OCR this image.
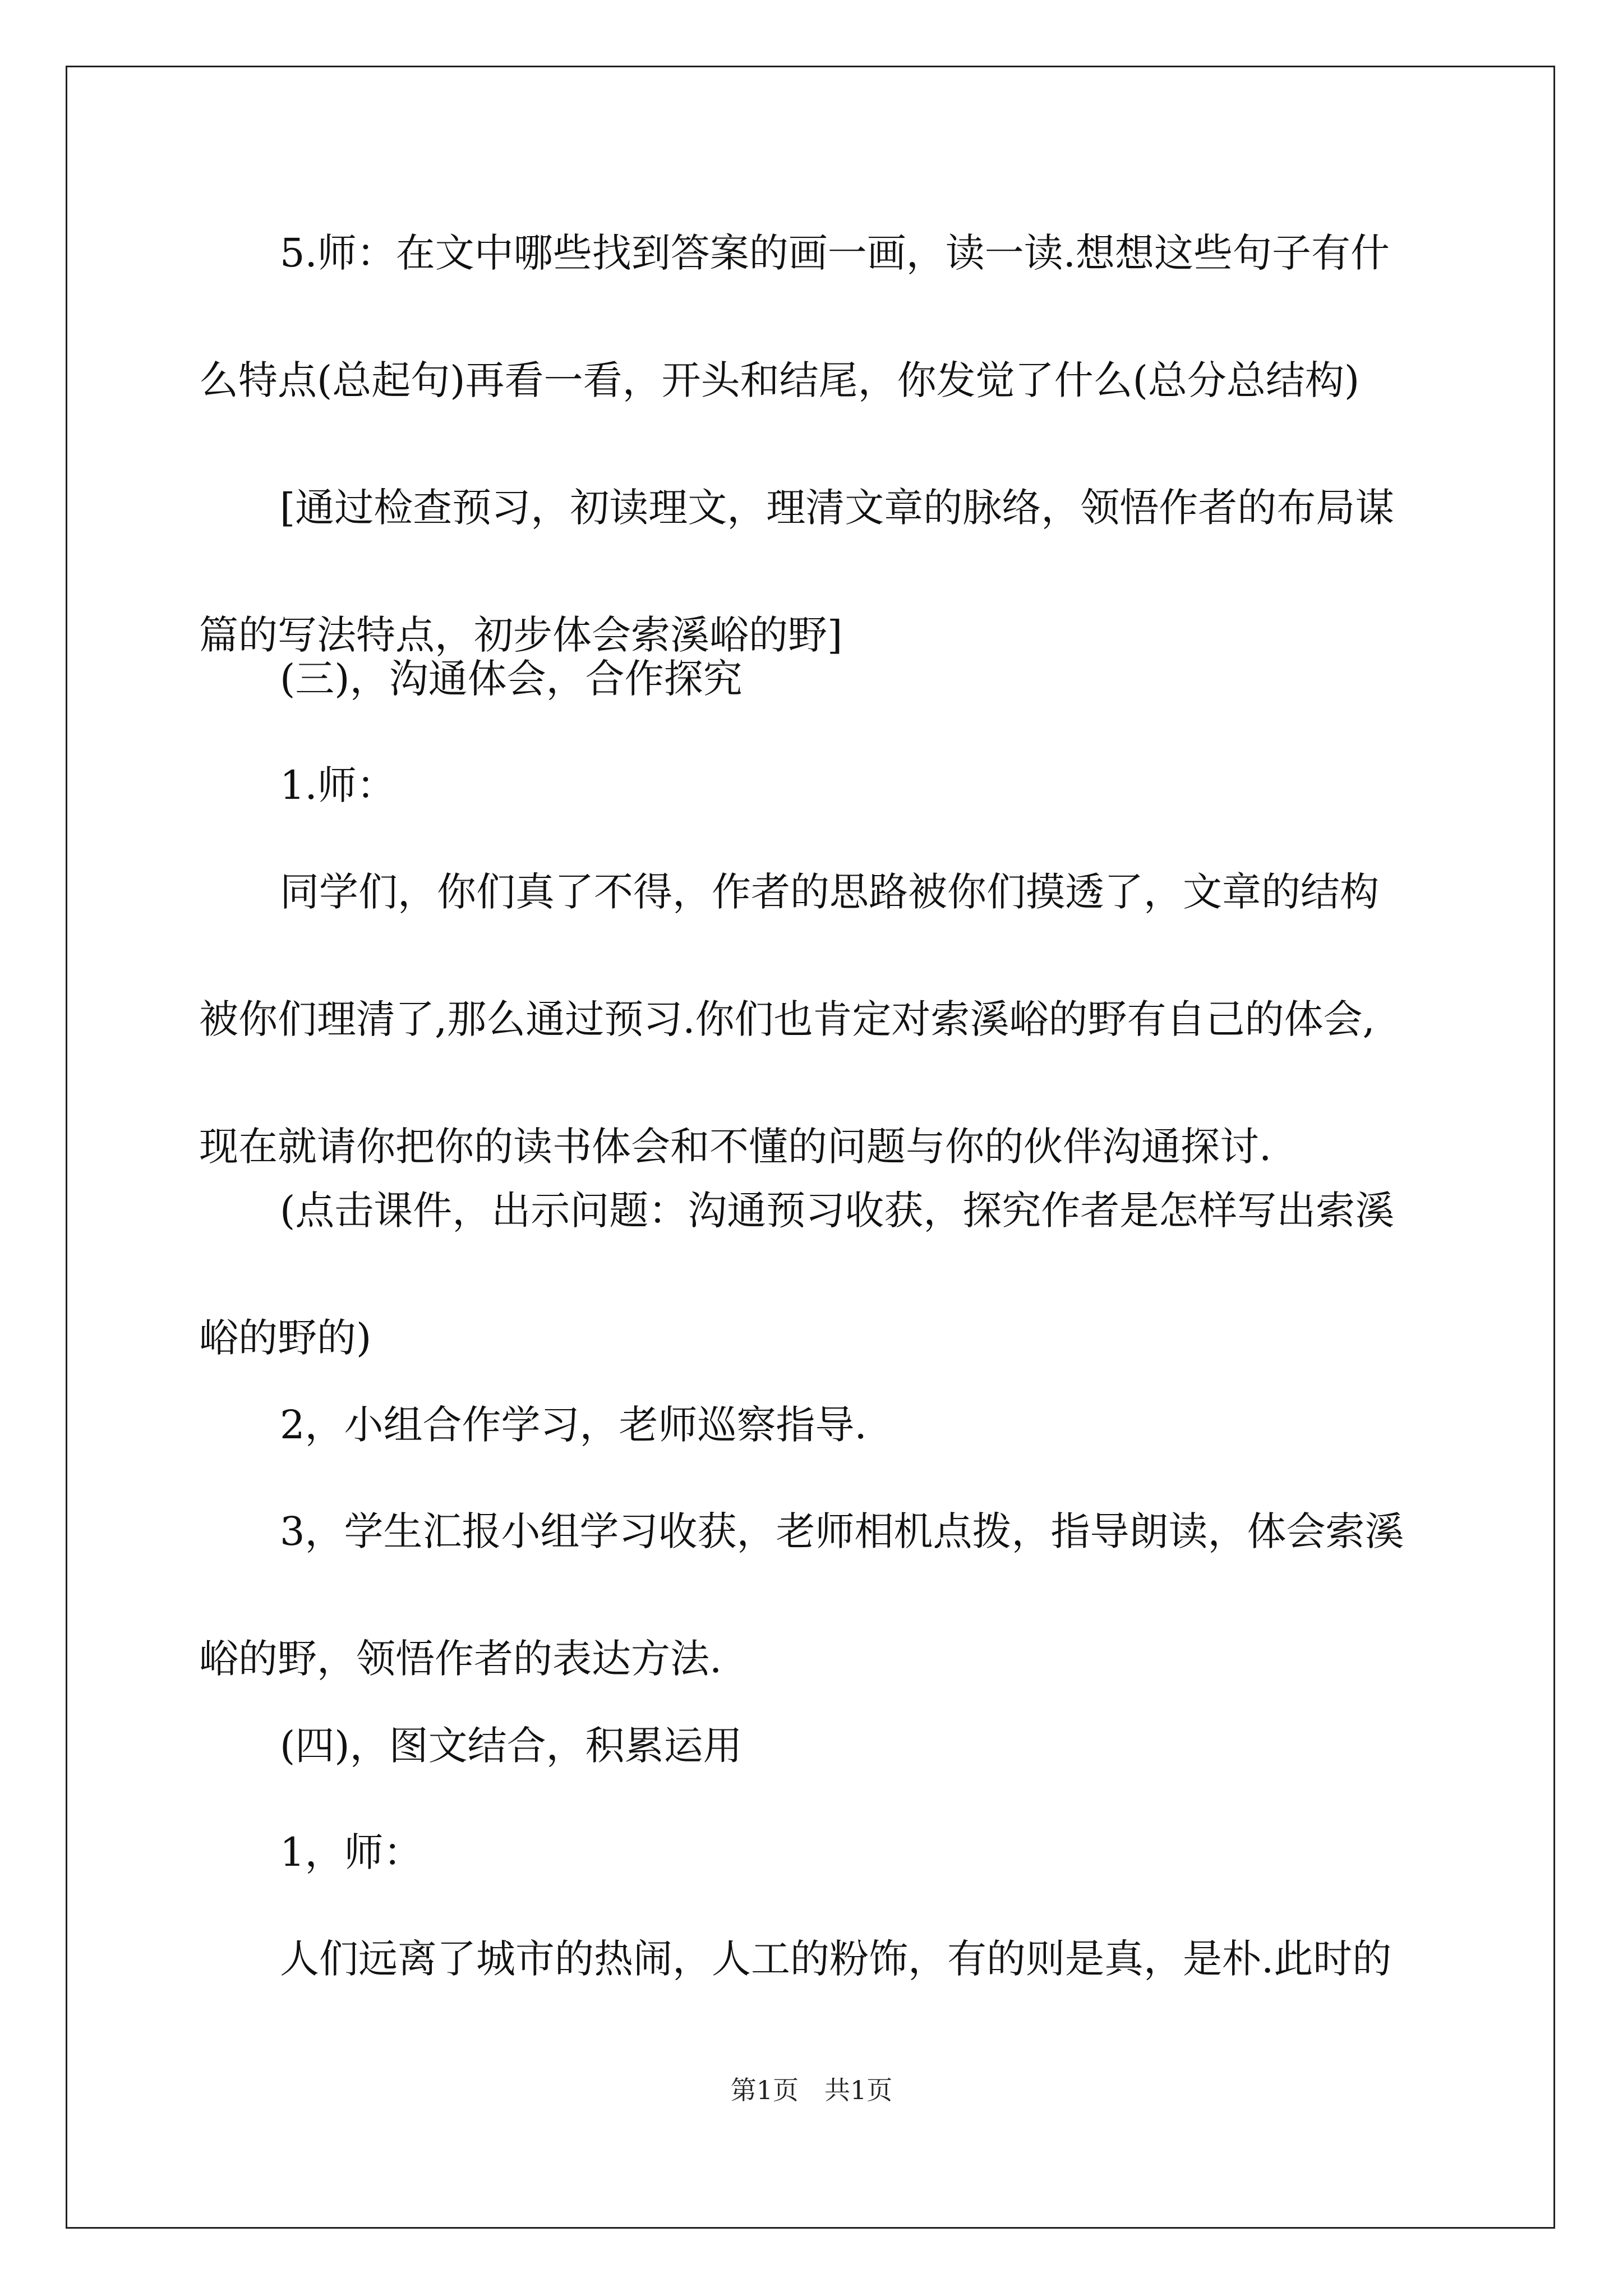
5.师：在文中哪些找到答案的画一画，读一读.想想这些句子有什
么特点(总起句)再看一看，开头和结尾，你发觉了什么(总分总结构)

[通过检查预习，初读理文，理清文章的脉络，领悟作者的布局谋
篇的写法特点，初步体会索溪峪的野]

(三)，沟通体会，合作探究

1.师：

同学们，你们真了不得，作者的思路被你们摸透了，文章的结构
被你们理清了,那么通过预习.你们也肯定对索溪峪的野有自己的体会,
现在就请你把你的读书体会和不懂的问题与你的伙伴沟通探讨.

(点击课件，出示问题：沟通预习收获，探究作者是怎样写出索溪
峪的野的)

2，小组合作学习，老师巡察指导.

3，学生汇报小组学习收获，老师相机点拨，指导朗读，体会索溪
峪的野，领悟作者的表达方法.

(四)，图文结合，积累运用

1，师：

人们远离了城市的热闹，人工的粉饰，有的则是真，是朴.此时的

第1页　共1页
